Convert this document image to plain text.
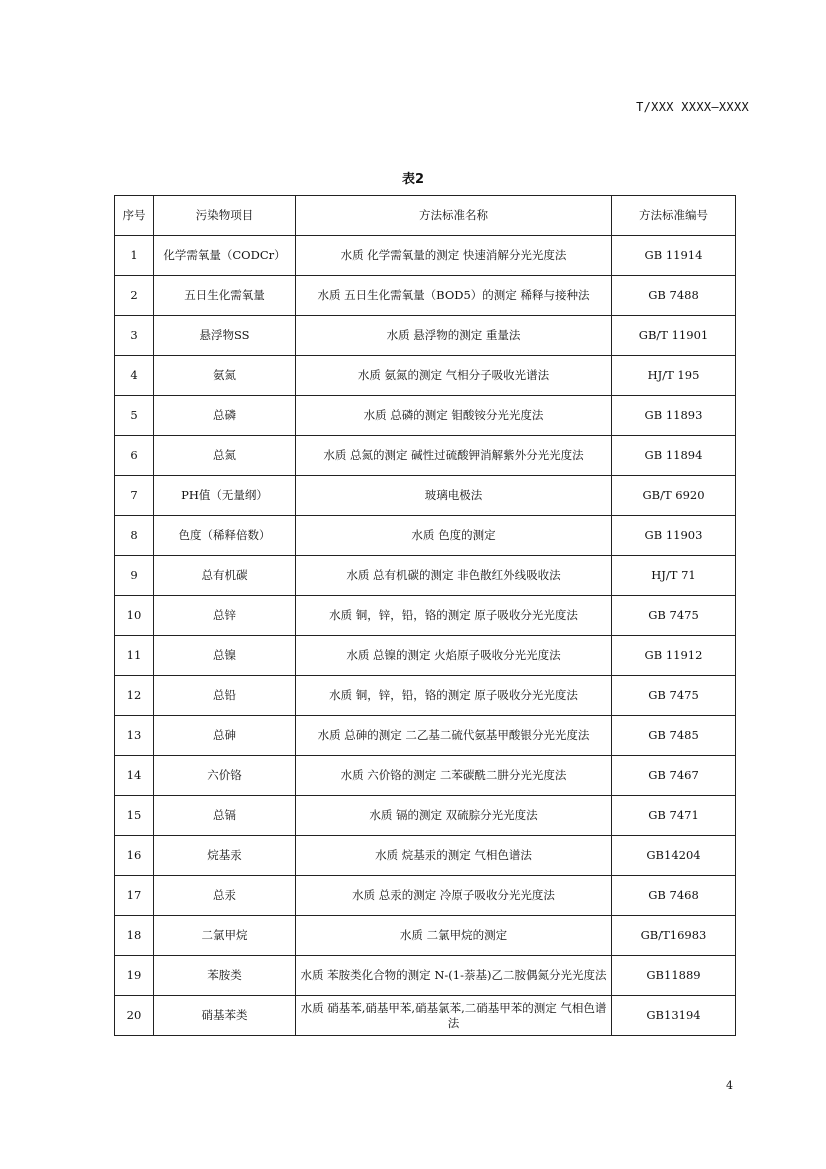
T/XXX XXXX—XXXX
表2
序号	污染物项目	方法标准名称	方法标准编号
1	化学需氧量（CODCr）	水质 化学需氧量的测定 快速消解分光光度法	GB 11914
2	五日生化需氧量	水质 五日生化需氧量（BOD5）的测定 稀释与接种法	GB 7488
3	悬浮物SS	水质 悬浮物的测定 重量法	GB/T 11901
4	氨氮	水质 氨氮的测定 气相分子吸收光谱法	HJ/T 195
5	总磷	水质 总磷的测定 钼酸铵分光光度法	GB 11893
6	总氮	水质 总氮的测定 碱性过硫酸钾消解紫外分光光度法	GB 11894
7	PH值（无量纲）	玻璃电极法	GB/T 6920
8	色度（稀释倍数）	水质 色度的测定	GB 11903
9	总有机碳	水质 总有机碳的测定 非色散红外线吸收法	HJ/T 71
10	总锌	水质 铜，锌，铅，铬的测定 原子吸收分光光度法	GB 7475
11	总镍	水质 总镍的测定 火焰原子吸收分光光度法	GB 11912
12	总铅	水质 铜，锌，铅，铬的测定 原子吸收分光光度法	GB 7475
13	总砷	水质 总砷的测定 二乙基二硫代氨基甲酸银分光光度法	GB 7485
14	六价铬	水质 六价铬的测定 二苯碳酰二肼分光光度法	GB 7467
15	总镉	水质 镉的测定 双硫腙分光光度法	GB 7471
16	烷基汞	水质 烷基汞的测定 气相色谱法	GB14204
17	总汞	水质 总汞的测定 冷原子吸收分光光度法	GB 7468
18	二氯甲烷	水质 二氯甲烷的测定	GB/T16983
19	苯胺类	水质 苯胺类化合物的测定 N-(1-萘基)乙二胺偶氮分光光度法	GB11889
20	硝基苯类	水质 硝基苯,硝基甲苯,硝基氯苯,二硝基甲苯的测定 气相色谱法	GB13194
4
